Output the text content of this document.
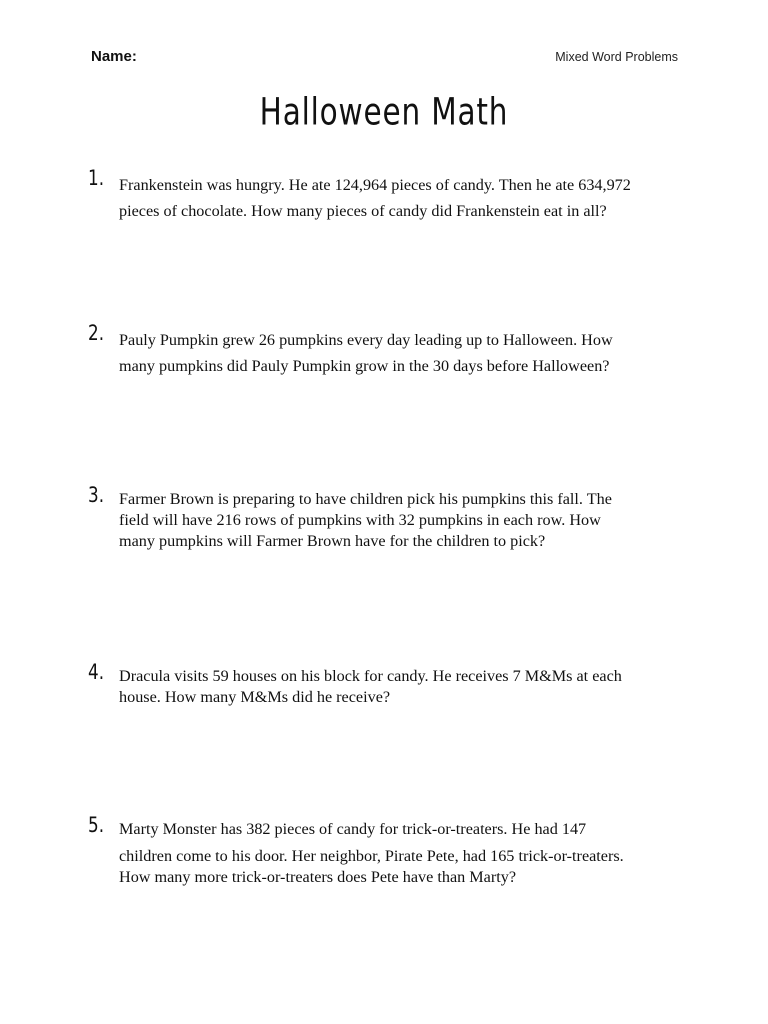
Name:	Mixed Word Problems
Halloween Math
1. Frankenstein was hungry. He ate 124,964 pieces of candy. Then he ate 634,972
pieces of chocolate. How many pieces of candy did Frankenstein eat in all?
2. Pauly Pumpkin grew 26 pumpkins every day leading up to Halloween. How
many pumpkins did Pauly Pumpkin grow in the 30 days before Halloween?
3. Farmer Brown is preparing to have children pick his pumpkins this fall. The
field will have 216 rows of pumpkins with 32 pumpkins in each row. How
many pumpkins will Farmer Brown have for the children to pick?
4. Dracula visits 59 houses on his block for candy. He receives 7 M&Ms at each
house. How many M&Ms did he receive?
5. Marty Monster has 382 pieces of candy for trick-or-treaters. He had 147
children come to his door. Her neighbor, Pirate Pete, had 165 trick-or-treaters.
How many more trick-or-treaters does Pete have than Marty?
